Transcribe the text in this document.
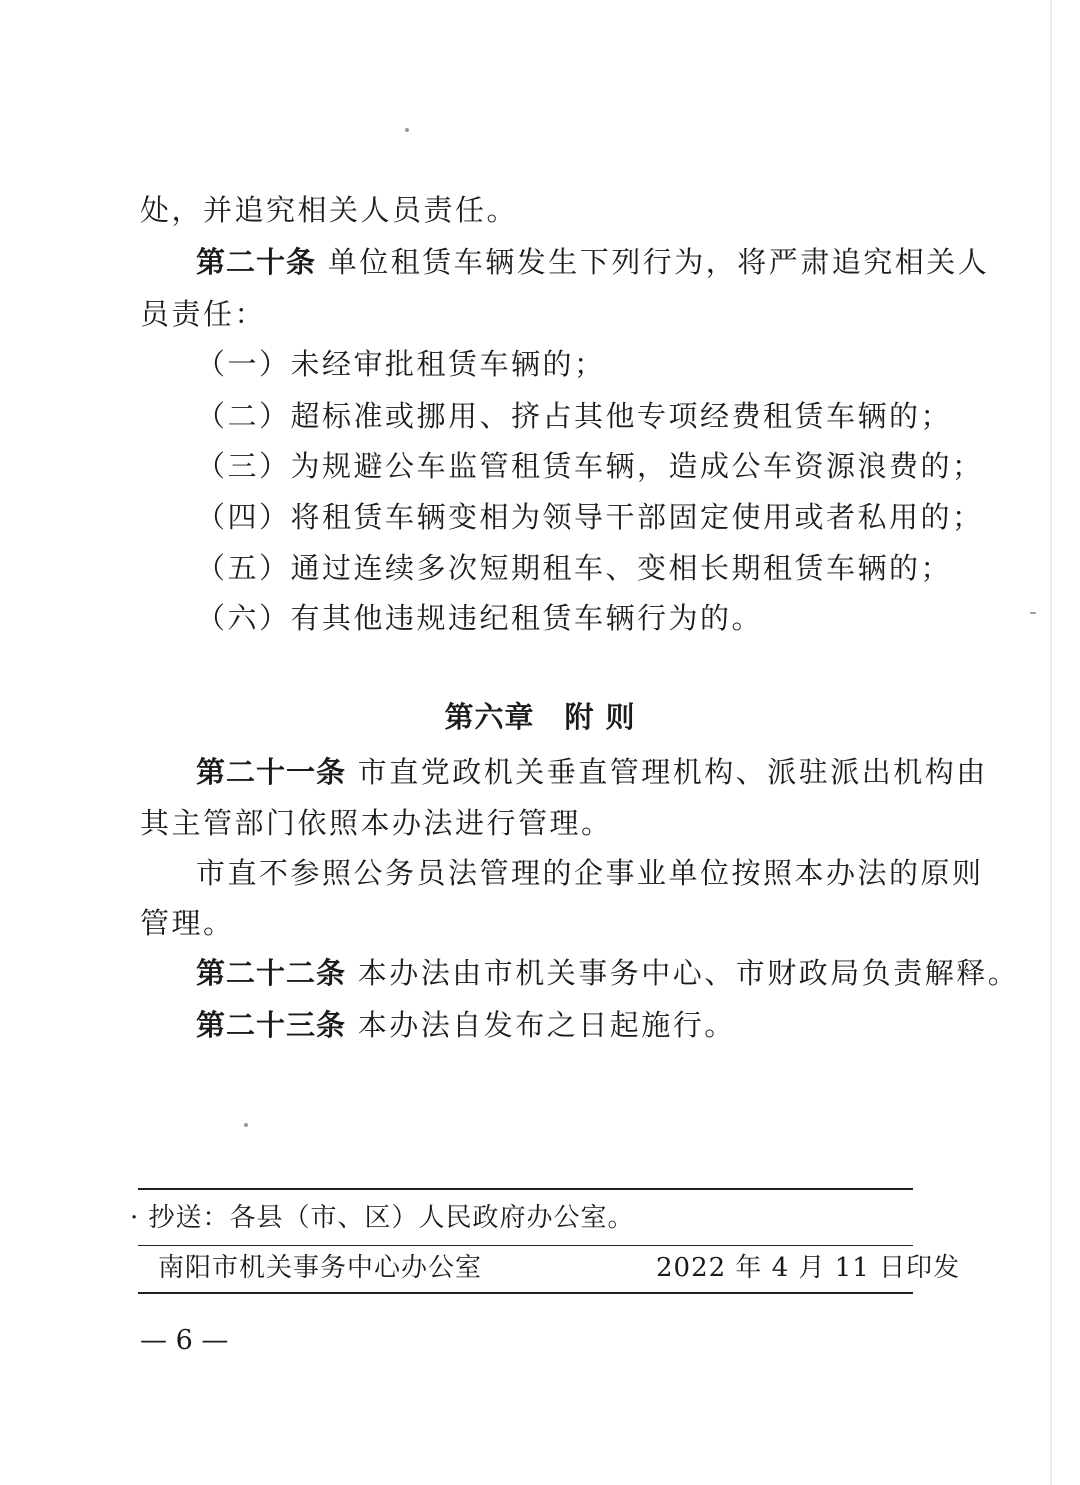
处，并追究相关人员责任。
第二十条 单位租赁车辆发生下列行为，将严肃追究相关人
员责任：
（一）未经审批租赁车辆的；
（二）超标准或挪用、挤占其他专项经费租赁车辆的；
（三）为规避公车监管租赁车辆，造成公车资源浪费的；
（四）将租赁车辆变相为领导干部固定使用或者私用的；
（五）通过连续多次短期租车、变相长期租赁车辆的；
（六）有其他违规违纪租赁车辆行为的。
第六章　附 则
第二十一条 市直党政机关垂直管理机构、派驻派出机构由
其主管部门依照本办法进行管理。
市直不参照公务员法管理的企事业单位按照本办法的原则
管理。
第二十二条 本办法由市机关事务中心、市财政局负责解释。
第二十三条 本办法自发布之日起施行。
· 抄送：各县（市、区）人民政府办公室。
南阳市机关事务中心办公室	2022 年 4 月 11 日印发
— 6 —
